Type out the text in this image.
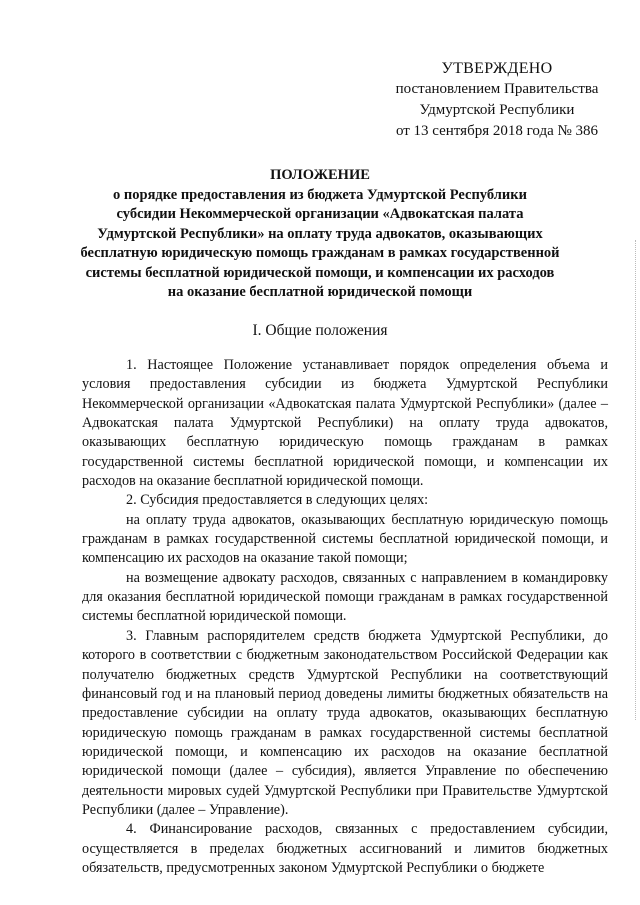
УТВЕРЖДЕНО
постановлением Правительства
Удмуртской Республики
от 13 сентября 2018 года № 386
ПОЛОЖЕНИЕ
о порядке предоставления из бюджета Удмуртской Республики
субсидии Некоммерческой организации «Адвокатская палата
Удмуртской Республики» на оплату труда адвокатов, оказывающих
бесплатную юридическую помощь гражданам в рамках государственной
системы бесплатной юридической помощи, и компенсации их расходов
на оказание бесплатной юридической помощи
I. Общие положения

1. Настоящее Положение устанавливает порядок определения объема и условия предоставления субсидии из бюджета Удмуртской Республики Некоммерческой организации «Адвокатская палата Удмуртской Республики» (далее – Адвокатская палата Удмуртской Республики) на оплату труда адвокатов, оказывающих бесплатную юридическую помощь гражданам в рамках государственной системы бесплатной юридической помощи, и компенсации их расходов на оказание бесплатной юридической помощи.

2. Субсидия предоставляется в следующих целях:

на оплату труда адвокатов, оказывающих бесплатную юридическую помощь гражданам в рамках государственной системы бесплатной юридической помощи, и компенсацию их расходов на оказание такой помощи;

на возмещение адвокату расходов, связанных с направлением в командировку для оказания бесплатной юридической помощи гражданам в рамках государственной системы бесплатной юридической помощи.

3. Главным распорядителем средств бюджета Удмуртской Республики, до которого в соответствии с бюджетным законодательством Российской Федерации как получателю бюджетных средств Удмуртской Республики на соответствующий финансовый год и на плановый период доведены лимиты бюджетных обязательств на предоставление субсидии на оплату труда адвокатов, оказывающих бесплатную юридическую помощь гражданам в рамках государственной системы бесплатной юридической помощи, и компенсацию их расходов на оказание бесплатной юридической помощи (далее – субсидия), является Управление по обеспечению деятельности мировых судей Удмуртской Республики при Правительстве Удмуртской Республики (далее – Управление).

4. Финансирование расходов, связанных с предоставлением субсидии, осуществляется в пределах бюджетных ассигнований и лимитов бюджетных обязательств, предусмотренных законом Удмуртской Республики о бюджете
